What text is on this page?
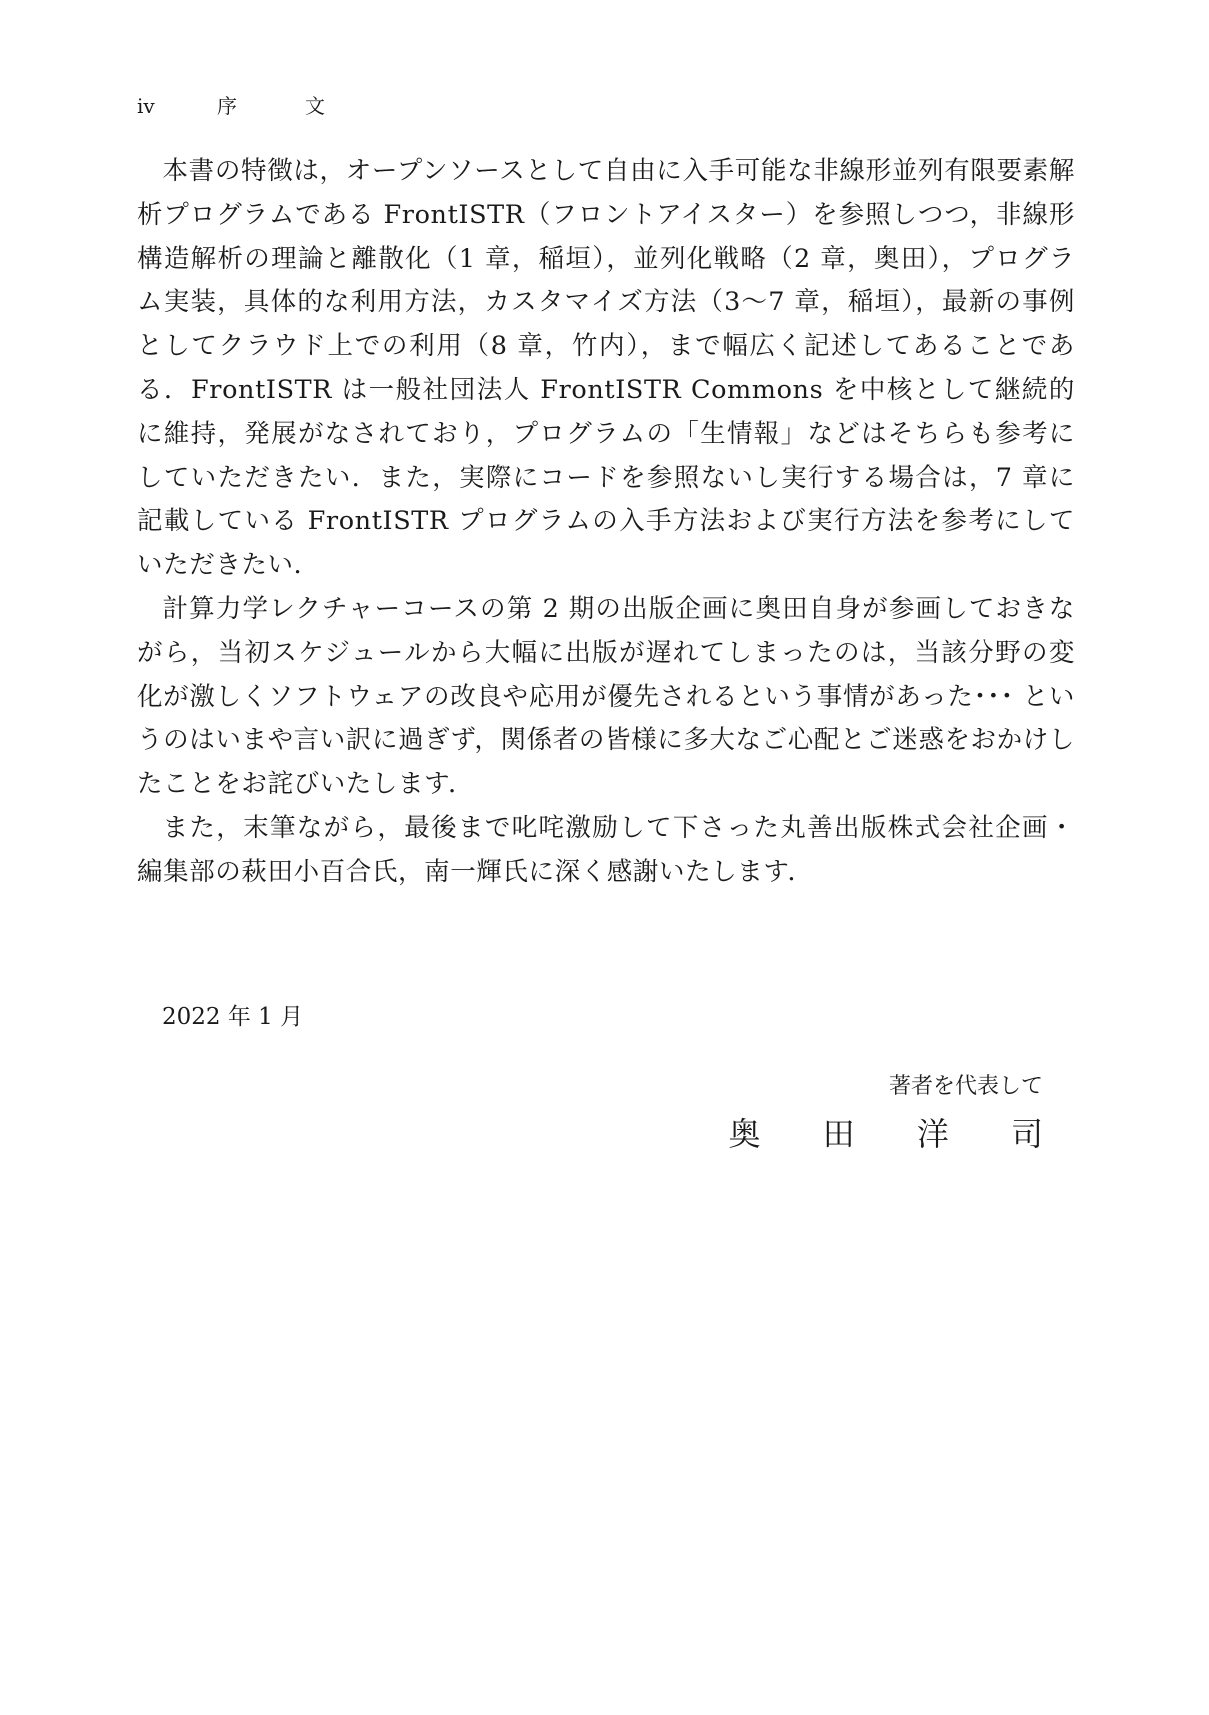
iv	序	文

本書の特徴は，オープンソースとして自由に入手可能な非線形並列有限要素解析プログラムである FrontISTR（フロントアイスター）を参照しつつ，非線形構造解析の理論と離散化（1 章，稲垣），並列化戦略（2 章，奥田），プログラム実装，具体的な利用方法，カスタマイズ方法（3〜7 章，稲垣），最新の事例としてクラウド上での利用（8 章，竹内），まで幅広く記述してあることである．FrontISTR は一般社団法人 FrontISTR Commons を中核として継続的に維持，発展がなされており，プログラムの「生情報」などはそちらも参考にしていただきたい．また，実際にコードを参照ないし実行する場合は，7 章に記載している FrontISTR プログラムの入手方法および実行方法を参考にしていただきたい．

計算力学レクチャーコースの第 2 期の出版企画に奥田自身が参画しておきながら，当初スケジュールから大幅に出版が遅れてしまったのは，当該分野の変化が激しくソフトウェアの改良や応用が優先されるという事情があった･･･ というのはいまや言い訳に過ぎず，関係者の皆様に多大なご心配とご迷惑をおかけしたことをお詫びいたします．

また，末筆ながら，最後まで叱咤激励して下さった丸善出版株式会社企画・編集部の萩田小百合氏，南一輝氏に深く感謝いたします．

2022 年 1 月
著者を代表して
奥 田 洋 司
